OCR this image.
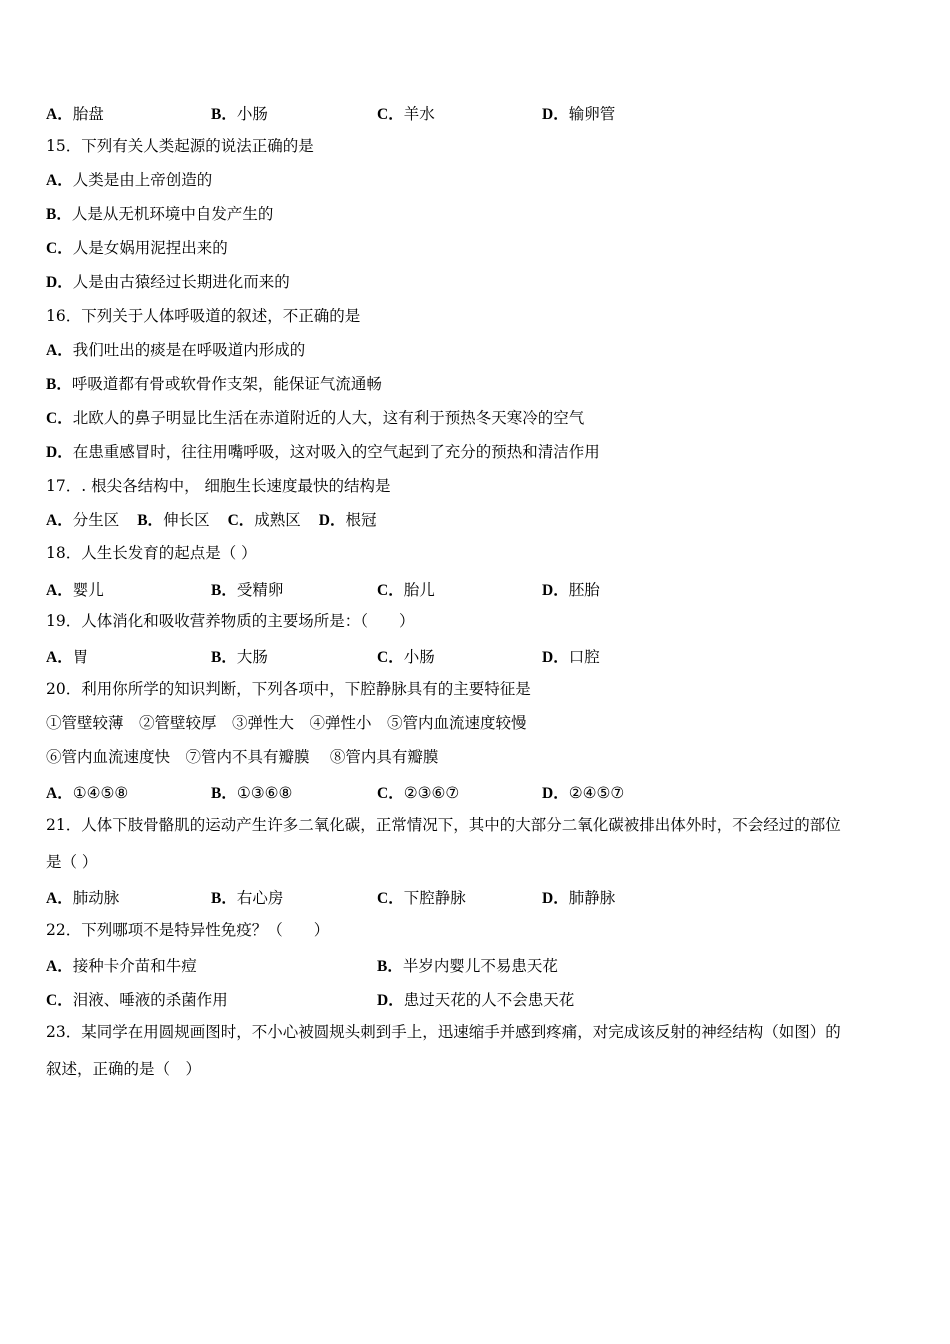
A．胎盘	B．小肠	C．羊水	D．输卵管
15．下列有关人类起源的说法正确的是
A．人类是由上帝创造的
B．人是从无机环境中自发产生的
C．人是女娲用泥捏出来的
D．人是由古猿经过长期进化而来的
16．下列关于人体呼吸道的叙述，不正确的是
A．我们吐出的痰是在呼吸道内形成的
B．呼吸道都有骨或软骨作支架，能保证气流通畅
C．北欧人的鼻子明显比生活在赤道附近的人大，这有利于预热冬天寒冷的空气
D．在患重感冒时，往往用嘴呼吸，这对吸入的空气起到了充分的预热和清洁作用
17．. 根尖各结构中， 细胞生长速度最快的结构是
A．分生区 B．伸长区 C．成熟区 D．根冠
18．人生长发育的起点是（ ）
A．婴儿	B．受精卵	C．胎儿	D．胚胎
19．人体消化和吸收营养物质的主要场所是：（　　）
A．胃	B．大肠	C．小肠	D．口腔
20．利用你所学的知识判断，下列各项中，下腔静脉具有的主要特征是
①管壁较薄　②管壁较厚　③弹性大　④弹性小　⑤管内血流速度较慢
⑥管内血流速度快　⑦管内不具有瓣膜　 ⑧管内具有瓣膜
A．①④⑤⑧	B．①③⑥⑧	C．②③⑥⑦	D．②④⑤⑦
21．人体下肢骨骼肌的运动产生许多二氧化碳，正常情况下，其中的大部分二氧化碳被排出体外时，不会经过的部位
是（ ）
A．肺动脉	B．右心房	C．下腔静脉	D．肺静脉
22．下列哪项不是特异性免疫？（　　）
A．接种卡介苗和牛痘	B．半岁内婴儿不易患天花
C．泪液、唾液的杀菌作用	D．患过天花的人不会患天花
23．某同学在用圆规画图时，不小心被圆规头刺到手上，迅速缩手并感到疼痛，对完成该反射的神经结构（如图）的
叙述，正确的是（　）
